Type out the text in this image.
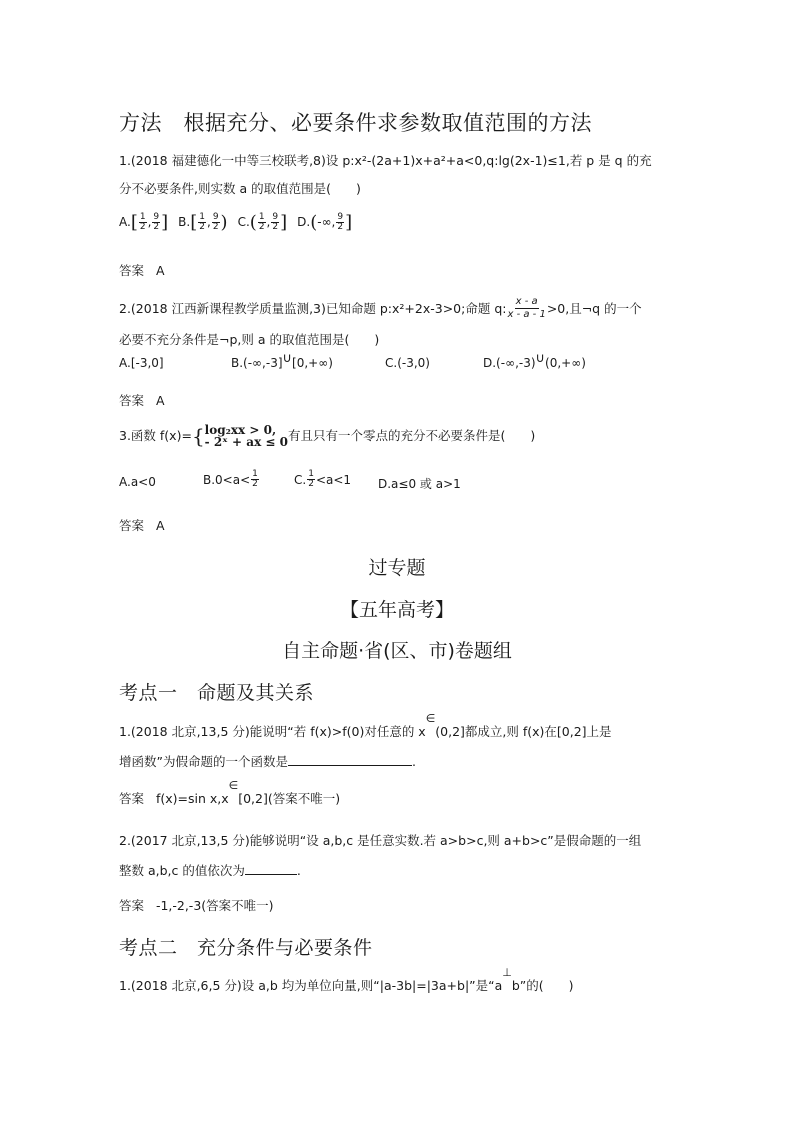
方法　根据充分、必要条件求参数取值范围的方法
1.(2018 福建德化一中等三校联考,8)设 p:x²-(2a+1)x+a²+a<0,q:lg(2x-1)≤1,若 p 是 q 的充
分不必要条件,则实数 a 的取值范围是(　　)
$A.[ \frac{1}{2}$ , $\frac{9}{2}$ ] $B.[ \frac{1}{2}$ , $\frac{9}{2}$ ) $C.( \frac{1}{2}$ , $\frac{9}{2}$ ] D.(-∞, $\frac{9}{2}$ ]
答案 A
2.(2018 江西新课程教学质量监测,3)已知命题 p:x²+2x-3>0;命题 q: $\frac{x - a}{x - a - 1} >0$,且¬q 的一个
必要不充分条件是¬p,则 a 的取值范围是(　　)
A.[-3,0]	B.(-∞,-3]∪[0,+∞)	C.(-3,0)	D.(-∞,-3)∪(0,+∞)
答案 A
3.函数 f(x)= { log₂xx > 0,
- 2ˣ + ax ≤ 0 有且只有一个零点的充分不必要条件是(　　)
A.a<0	$B.0<a< \frac{1}{2}$	C. $\frac{1}{2} <a<1$ D.a≤0 或 a>1
答案 A
过专题
【五年高考】
自主命题·省(区、市)卷题组
考点一　命题及其关系
1.(2018 北京,13,5 分)能说明“若 f(x)>f(0)对任意的 x∈(0,2]都成立,则 f(x)在[0,2]上是
增函数”为假命题的一个函数是	.
答案 f(x)=sin x,x∈[0,2](答案不唯一)
2.(2017 北京,13,5 分)能够说明“设 a,b,c 是任意实数.若 a>b>c,则 a+b>c”是假命题的一组
整数 a,b,c 的值依次为	.
答案 -1,-2,-3(答案不唯一)
考点二　充分条件与必要条件
1.(2018 北京,6,5 分)设 a,b 均为单位向量,则“|a-3b|=|3a+b|”是“a⊥b”的(　　)
